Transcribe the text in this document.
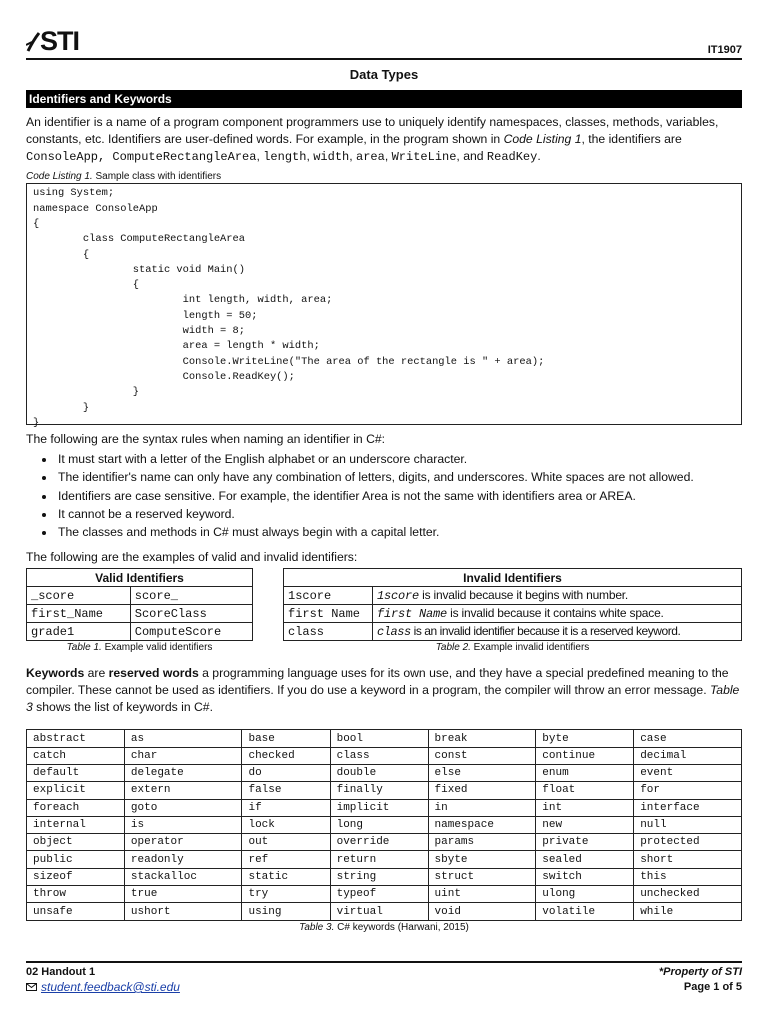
STI	IT1907
Data Types
Identifiers and Keywords

An identifier is a name of a program component programmers use to uniquely identify namespaces, classes, methods, variables, constants, etc. Identifiers are user-defined words. For example, in the program shown in Code Listing 1, the identifiers are ConsoleApp, ComputeRectangleArea, length, width, area, WriteLine, and ReadKey.

Code Listing 1. Sample class with identifiers
using System;
namespace ConsoleApp
{
class ComputeRectangleArea
{
static void Main()
{
int length, width, area;
length = 50;
width = 8;
area = length * width;
Console.WriteLine("The area of the rectangle is " + area);
Console.ReadKey();
}
}
}

The following are the syntax rules when naming an identifier in C#:

• It must start with a letter of the English alphabet or an underscore character.
• The identifier's name can only have any combination of letters, digits, and underscores. White spaces are not allowed.
• Identifiers are case sensitive. For example, the identifier Area is not the same with identifiers area or AREA.
• It cannot be a reserved keyword.
• The classes and methods in C# must always begin with a capital letter.

The following are the examples of valid and invalid identifiers:

Valid Identifiers	
_score	score_
first_Name	ScoreClass
grade1	ComputeScore
Table 1. Example valid identifiers
Invalid Identifiers	
1score	1score is invalid because it begins with number.
first Name	first Name is invalid because it contains white space.
class	class is an invalid identifier because it is a reserved keyword.
Table 2. Example invalid identifiers

Keywords are reserved words a programming language uses for its own use, and they have a special predefined meaning to the compiler. These cannot be used as identifiers. If you do use a keyword in a program, the compiler will throw an error message. Table 3 shows the list of keywords in C#.

abstract	as	base	bool	break	byte	case
catch	char	checked	class	const	continue	decimal
default	delegate	do	double	else	enum	event
explicit	extern	false	finally	fixed	float	for
foreach	goto	if	implicit	in	int	interface
internal	is	lock	long	namespace	new	null
object	operator	out	override	params	private	protected
public	readonly	ref	return	sbyte	sealed	short
sizeof	stackalloc	static	string	struct	switch	this
throw	true	try	typeof	uint	ulong	unchecked
unsafe	ushort	using	virtual	void	volatile	while
Table 3. C# keywords (Harwani, 2015)
02 Handout 1	*Property of STI
student.feedback@sti.edu	Page 1 of 5
